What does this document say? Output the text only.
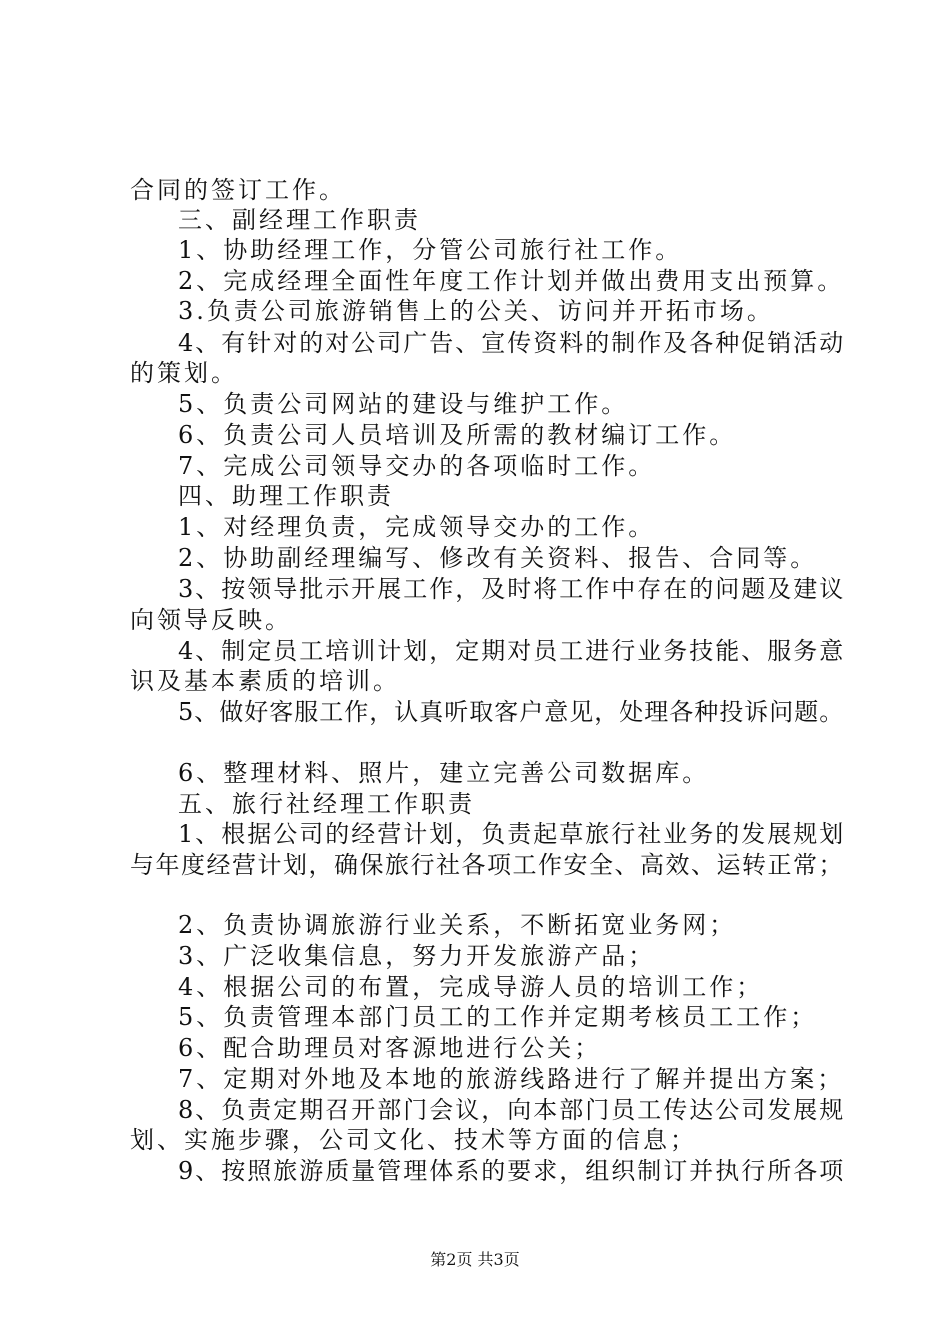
合同的签订工作。
三、副经理工作职责
1、协助经理工作，分管公司旅行社工作。
2、完成经理全面性年度工作计划并做出费用支出预算。
3.负责公司旅游销售上的公关、访问并开拓市场。
4、有针对的对公司广告、宣传资料的制作及各种促销活动
的策划。
5、负责公司网站的建设与维护工作。
6、负责公司人员培训及所需的教材编订工作。
7、完成公司领导交办的各项临时工作。
四、助理工作职责
1、对经理负责，完成领导交办的工作。
2、协助副经理编写、修改有关资料、报告、合同等。
3、按领导批示开展工作，及时将工作中存在的问题及建议
向领导反映。
4、制定员工培训计划，定期对员工进行业务技能、服务意
识及基本素质的培训。
5、做好客服工作，认真听取客户意见，处理各种投诉问题。
6、整理材料、照片，建立完善公司数据库。
五、旅行社经理工作职责
1、根据公司的经营计划，负责起草旅行社业务的发展规划
与年度经营计划，确保旅行社各项工作安全、高效、运转正常；
2、负责协调旅游行业关系，不断拓宽业务网；
3、广泛收集信息，努力开发旅游产品；
4、根据公司的布置，完成导游人员的培训工作；
5、负责管理本部门员工的工作并定期考核员工工作；
6、配合助理员对客源地进行公关；
7、定期对外地及本地的旅游线路进行了解并提出方案；
8、负责定期召开部门会议，向本部门员工传达公司发展规
划、实施步骤，公司文化、技术等方面的信息；
9、按照旅游质量管理体系的要求，组织制订并执行所各项
第2页 共3页
